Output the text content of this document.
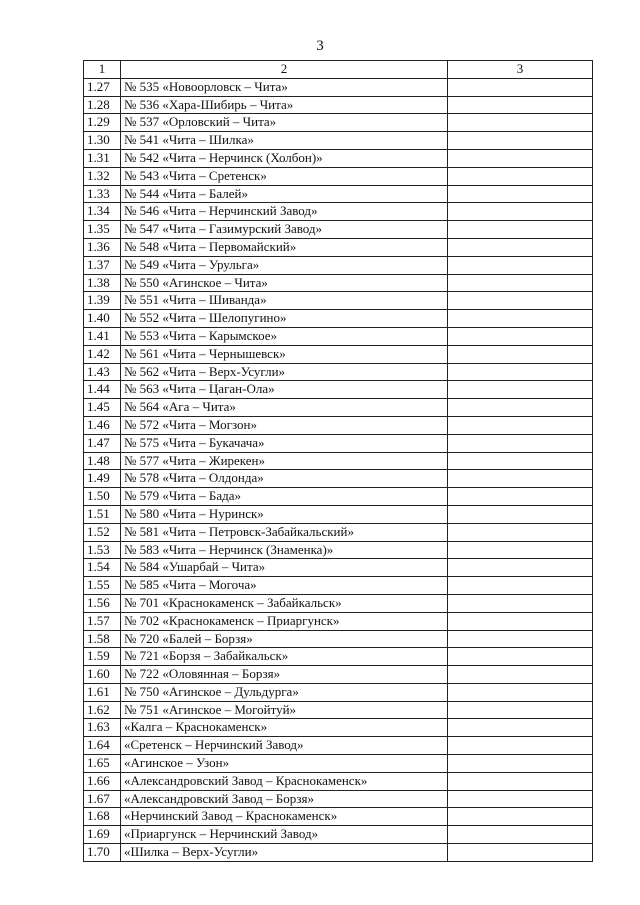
3
1	2	3
1.27	№ 535 «Новоорловск – Чита»	
1.28	№ 536 «Хара-Шибирь – Чита»	
1.29	№ 537 «Орловский – Чита»	
1.30	№ 541 «Чита – Шилка»	
1.31	№ 542 «Чита – Нерчинск (Холбон)»	
1.32	№ 543 «Чита – Сретенск»	
1.33	№ 544 «Чита – Балей»	
1.34	№ 546 «Чита – Нерчинский Завод»	
1.35	№ 547 «Чита – Газимурский Завод»	
1.36	№ 548 «Чита – Первомайский»	
1.37	№ 549 «Чита – Урульга»	
1.38	№ 550 «Агинское – Чита»	
1.39	№ 551 «Чита – Шиванда»	
1.40	№ 552 «Чита – Шелопугино»	
1.41	№ 553 «Чита – Карымское»	
1.42	№ 561 «Чита – Чернышевск»	
1.43	№ 562 «Чита – Верх-Усугли»	
1.44	№ 563 «Чита – Цаган-Ола»	
1.45	№ 564 «Ага – Чита»	
1.46	№ 572 «Чита – Могзон»	
1.47	№ 575 «Чита – Букачача»	
1.48	№ 577 «Чита – Жирекен»	
1.49	№ 578 «Чита – Олдонда»	
1.50	№ 579 «Чита – Бада»	
1.51	№ 580 «Чита – Нуринск»	
1.52	№ 581 «Чита – Петровск-Забайкальский»	
1.53	№ 583 «Чита – Нерчинск (Знаменка)»	
1.54	№ 584 «Ушарбай – Чита»	
1.55	№ 585 «Чита – Могоча»	
1.56	№ 701 «Краснокаменск – Забайкальск»	
1.57	№ 702 «Краснокаменск – Приаргунск»	
1.58	№ 720 «Балей – Борзя»	
1.59	№ 721 «Борзя – Забайкальск»	
1.60	№ 722 «Оловянная – Борзя»	
1.61	№ 750 «Агинское – Дульдурга»	
1.62	№ 751 «Агинское – Могойтуй»	
1.63	«Калга – Краснокаменск»	
1.64	«Сретенск – Нерчинский Завод»	
1.65	«Агинское – Узон»	
1.66	«Александровский Завод – Краснокаменск»	
1.67	«Александровский Завод – Борзя»	
1.68	«Нерчинский Завод – Краснокаменск»	
1.69	«Приаргунск – Нерчинский Завод»	
1.70	«Шилка – Верх-Усугли»	
